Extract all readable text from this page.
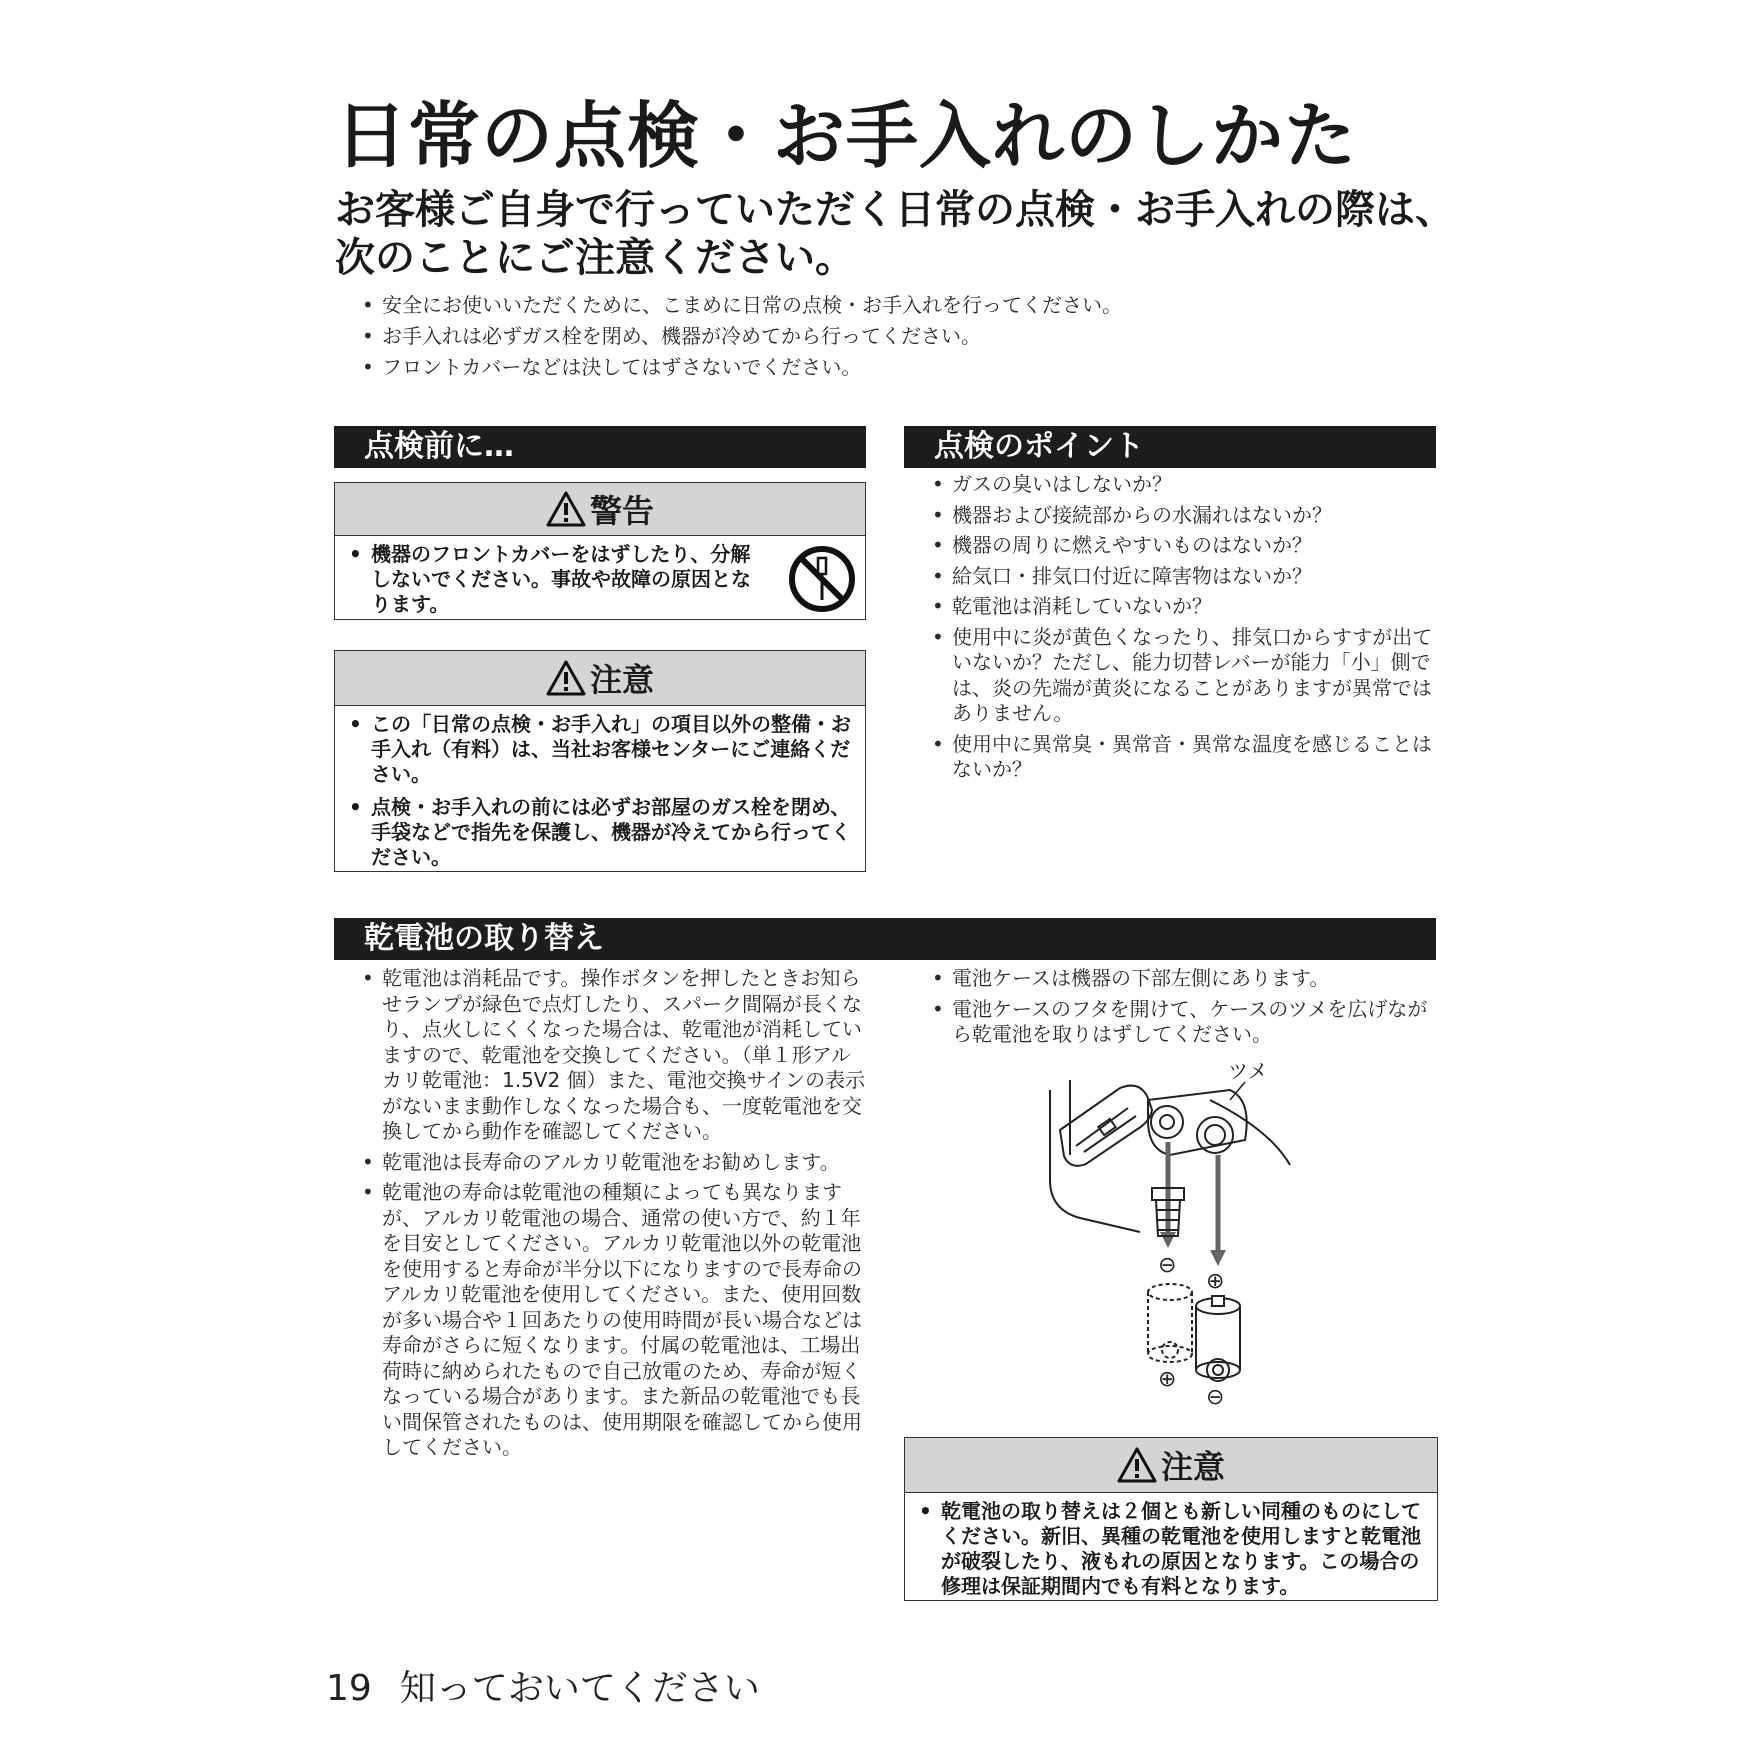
日常の点検・お手入れのしかた
お客様ご自身で行っていただく日常の点検・お手入れの際は、次のことにご注意ください。
• 安全にお使いいただくために、こまめに日常の点検・お手入れを行ってください。
• お手入れは必ずガス栓を閉め、機器が冷めてから行ってください。
• フロントカバーなどは決してはずさないでください。
点検前に…
警告
• 機器のフロントカバーをはずしたり、分解しないでください。事故や故障の原因となります。
注意
• この「日常の点検・お手入れ」の項目以外の整備・お手入れ（有料）は、当社お客様センターにご連絡ください。
• 点検・お手入れの前には必ずお部屋のガス栓を閉め、手袋などで指先を保護し、機器が冷えてから行ってください。
点検のポイント
• ガスの臭いはしないか？
• 機器および接続部からの水漏れはないか？
• 機器の周りに燃えやすいものはないか？
• 給気口・排気口付近に障害物はないか？
• 乾電池は消耗していないか？
• 使用中に炎が黄色くなったり、排気口からすすが出ていないか？ただし、能力切替レバーが能力「小」側では、炎の先端が黄炎になることがありますが異常ではありません。
• 使用中に異常臭・異常音・異常な温度を感じることはないか？
乾電池の取り替え
• 乾電池は消耗品です。操作ボタンを押したときお知らせランプが緑色で点灯したり、スパーク間隔が長くなり、点火しにくくなった場合は、乾電池が消耗していますので、乾電池を交換してください。（単１形アルカリ乾電池：1.5V2 個）また、電池交換サインの表示がないまま動作しなくなった場合も、一度乾電池を交換してから動作を確認してください。
• 乾電池は長寿命のアルカリ乾電池をお勧めします。
• 乾電池の寿命は乾電池の種類によっても異なりますが、アルカリ乾電池の場合、通常の使い方で、約１年を目安としてください。アルカリ乾電池以外の乾電池を使用すると寿命が半分以下になりますので長寿命のアルカリ乾電池を使用してください。また、使用回数が多い場合や１回あたりの使用時間が長い場合などは寿命がさらに短くなります。付属の乾電池は、工場出荷時に納められたもので自己放電のため、寿命が短くなっている場合があります。また新品の乾電池でも長い間保管されたものは、使用期限を確認してから使用してください。
• 電池ケースは機器の下部左側にあります。
• 電池ケースのフタを開けて、ケースのツメを広げながら乾電池を取りはずしてください。
ツメ
⊖
⊕
⊕
⊖
注意
• 乾電池の取り替えは２個とも新しい同種のものにしてください。新旧、異種の乾電池を使用しますと乾電池が破裂したり、液もれの原因となります。この場合の修理は保証期間内でも有料となります。
19 知っておいてください
